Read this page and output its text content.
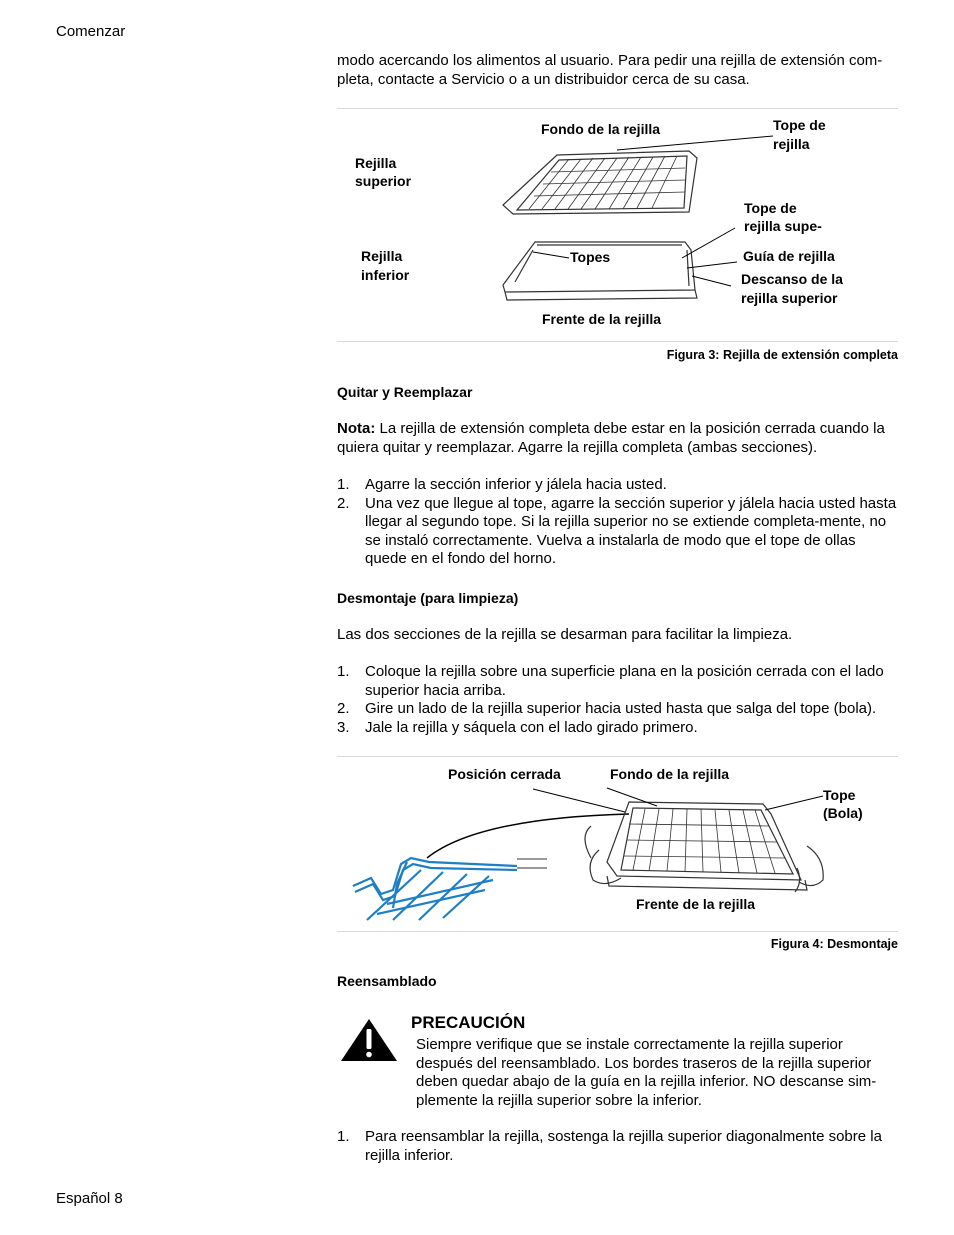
Comenzar
modo acercando los alimentos al usuario. Para pedir una rejilla de extensión com-pleta, contacte a Servicio o a un distribuidor cerca de su casa.
Fondo de la rejilla	Tope de
rejilla
Rejilla
superior
Tope de
rejilla supe-
Rejilla
inferior
Topes	Guía de rejilla
Descanso de la
rejilla superior
Frente de la rejilla
Figura 3: Rejilla de extensión completa
Quitar y Reemplazar
Nota: La rejilla de extensión completa debe estar en la posición cerrada cuando la quiera quitar y reemplazar. Agarre la rejilla completa (ambas secciones).
1. Agarre la sección inferior y jálela hacia usted.
2. Una vez que llegue al tope, agarre la sección superior y jálela hacia usted hasta llegar al segundo tope. Si la rejilla superior no se extiende completa-mente, no se instaló correctamente. Vuelva a instalarla de modo que el tope de ollas quede en el fondo del horno.
Desmontaje (para limpieza)
Las dos secciones de la rejilla se desarman para facilitar la limpieza.
1. Coloque la rejilla sobre una superficie plana en la posición cerrada con el lado superior hacia arriba.
2. Gire un lado de la rejilla superior hacia usted hasta que salga del tope (bola).
3. Jale la rejilla y sáquela con el lado girado primero.
Posición cerrada	Fondo de la rejilla
Tope
(Bola)
Frente de la rejilla
Figura 4: Desmontaje
Reensamblado
PRECAUCIÓN
Siempre verifique que se instale correctamente la rejilla superior después del reensamblado. Los bordes traseros de la rejilla superior deben quedar abajo de la guía en la rejilla inferior. NO descanse sim-plemente la rejilla superior sobre la inferior.
1. Para reensamblar la rejilla, sostenga la rejilla superior diagonalmente sobre la rejilla inferior.
Español 8
